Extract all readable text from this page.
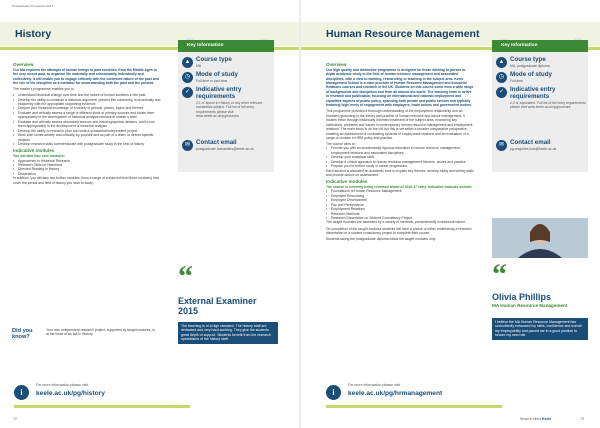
Postgraduate Prospectus 2017
History
Overview

Our MA explores the attempts of human beings in past societies, from the Middle Ages to the very recent past, to organise life materially and conceptually, individually and collectively. It will enable you to engage critically with the contested nature of the past and the role of the discipline as a mediator for understanding both the past and the present.

The master's programme enables you to:

• Understand historical change over time and the nature of human societies in the past
• Develop the ability to construct a historical argument, present this coherently, economically and eloquently with the appropriate supporting evidence
• Deepen your historical knowledge of a variety of periods, places, topics and themes
• Evaluate and critically assess a range of different kinds of primary sources and locate them appropriately in the development of historical analysis relevant at master's level
• Evaluate and critically assess secondary sources and historiographical debates, and to use them appropriately in the development of historical analysis
• Develop the ability to research, plan and write a substantial independent project
• Work both constructively and critically, by yourself and as part of a team, to deliver specific projects
• Develop research skills commensurate with postgraduate study in the field of history
Indicative modules

You will take four core modules:

• Approaches to Historical Research
• Research Skills for Historians
• Directed Reading in History
• Dissertation

In addition, you will take two further modules (from a range of enhanced level three modules) that cover the period and field of history you wish to study.

Did you know?
Your own independent research project, supported by taught modules, is at the heart of an MA in History.
Key Information
▲ Course type
MA
◷ Mode of study
Full-time or part-time
✓ Indicative entry requirements
2:1 or above in History or any other relevant humanities subject. Full list of full entry requirements please visit www.keele.ac.uk/pg/courses
✉ Contact email
postgraduate.humanities@keele.ac.uk
“
External Examiner 2015
The teaching is of a high standard. The history staff are dedicated and very hard-working. They give the students great depth of support. Students benefit from the research specialisms of the history staff.
i
For more information please visit
keele.ac.uk/pg/history
72
Human Resource Management
Overview

Our high quality and distinctive programme is designed for those wishing to pursue in-depth academic study in the field of human resource management and associated disciplines, with a view to working, researching or teaching in the subject area. Keele Management School is a main provider of Human Resource Management and Industrial Relations courses and research in the UK. Students on this course come from a wide range of backgrounds and disciplines and from all around the world. The teaching team is active in research and publication, focusing on international and national employment and equalities aspects of public policy, spanning both private and public sectors and typically featuring high levels of engagement with employers, trade unions and government bodies.

This programme provides a thorough understanding of the employment relationship and an excellent grounding in the theory and practice of human resource and labour management. It locates these through historically informed treatment of the subject area, examining key institutions, problems and issues in contemporary human resource management and employment relations. The main focus is on the UK but this is set within a broader comparative perspective, enabling an assessment of contrasting systems of employment relations and an evaluation of a range of choices in HRM policy and practice.

The course aims to:

• Provide you with an academically rigorous education in human resource management, employment relations and associated disciplines
• Develop your analytical skills
• Develop a critical approach to human resource management theories, issues and practice
• Prepare you for further study or career progression

Each student is allocated an academic tutor to explain key themes, develop study and writing skills and provide advice on assessment.

Indicative modules

The course is currently being reviewed ahead of 2016-17 entry. Indicative modules include:

• Foundations of Human Resource Management
• Employee Resourcing
• Employee Development
• Pay and Performance
• Employment Relations
• Research Methods
• Research Dissertation or Student Consultancy Project

The taught modules are assessed by a variety of methods, predominantly coursework based.

On completion of the taught modules students will have a choice of either undertaking a research dissertation or a student consultancy project to complete their course.

Students taking the postgraduate diploma follow the taught modules only.

Key Information
▲ Course type
MA, postgraduate diploma
◷ Mode of study
Full-time
✓ Indicative entry requirements
2:2 or equivalent. Full list of full entry requirements please visit www.keele.ac.uk/pg/courses
✉ Contact email
pg.enquiries.kms@keele.ac.uk
“
Olivia Phillips
MA Human Resource Management
I believe the MA Human Resource Management has undoubtedly enhanced my skills, confidence and overall my employability and placed me in a good position to secure my new role.
i
For more information please visit
keele.ac.uk/pg/hrmanagement
Small in Mind Keele	73
